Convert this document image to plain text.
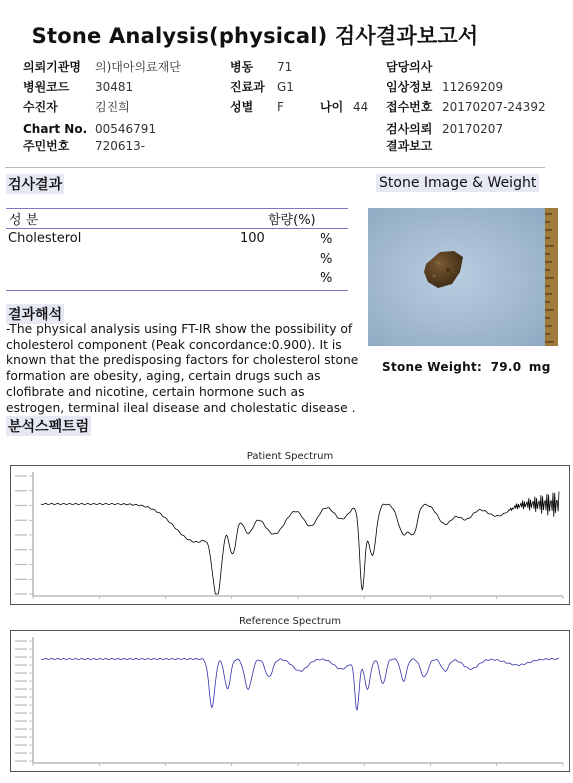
Stone Analysis(physical) 검사결과보고서
의뢰기관명 의)대아의료재단
병원코드 30481
수진자	김진희
Chart No. 00546791
주민번호 720613-
병동 71
진료과 G1
성별 F	나이 44
담당의사
임상정보 11269209
접수번호 20170207-24392
검사의뢰 20170207
결과보고
검사결과
성 분	함량(%)
Cholesterol	100	%
%
%
결과해석
-The physical analysis using FT-IR show the possibility of cholesterol component (Peak concordance:0.900). It is known that the predisposing factors for cholesterol stone formation are obesity, aging, certain drugs such as clofibrate and nicotine, certain hormone such as estrogen, terminal ileal disease and cholestatic disease .
분석스펙트럼
Stone Image & Weight
Stone Weight: 79.0 mg
Patient Spectrum
Reference Spectrum
